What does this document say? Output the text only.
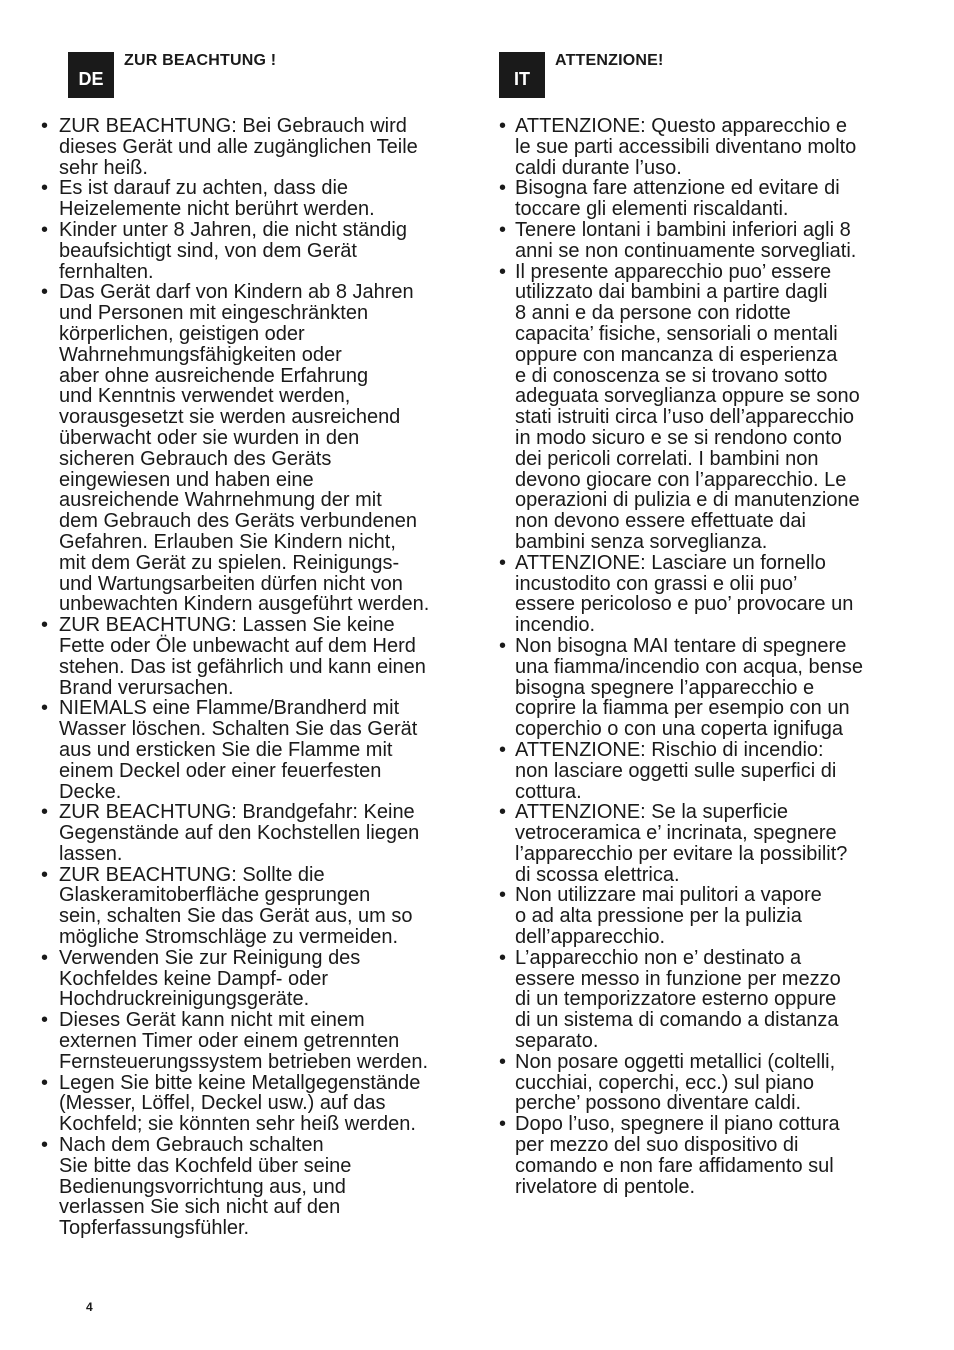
DE
ZUR BEACHTUNG !
• ZUR BEACHTUNG: Bei Gebrauch wird
dieses Gerät und alle zugänglichen Teile
sehr heiß.
• Es ist darauf zu achten, dass die
Heizelemente nicht berührt werden.
• Kinder unter 8 Jahren, die nicht ständig
beaufsichtigt sind, von dem Gerät
fernhalten.
• Das Gerät darf von Kindern ab 8 Jahren
und Personen mit eingeschränkten
körperlichen, geistigen oder
Wahrnehmungsfähigkeiten oder
aber ohne ausreichende Erfahrung
und Kenntnis verwendet werden,
vorausgesetzt sie werden ausreichend
überwacht oder sie wurden in den
sicheren Gebrauch des Geräts
eingewiesen und haben eine
ausreichende Wahrnehmung der mit
dem Gebrauch des Geräts verbundenen
Gefahren. Erlauben Sie Kindern nicht,
mit dem Gerät zu spielen. Reinigungs-
und Wartungsarbeiten dürfen nicht von
unbewachten Kindern ausgeführt werden.
• ZUR BEACHTUNG: Lassen Sie keine
Fette oder Öle unbewacht auf dem Herd
stehen. Das ist gefährlich und kann einen
Brand verursachen.
• NIEMALS eine Flamme/Brandherd mit
Wasser löschen. Schalten Sie das Gerät
aus und ersticken Sie die Flamme mit
einem Deckel oder einer feuerfesten
Decke.
• ZUR BEACHTUNG: Brandgefahr: Keine
Gegenstände auf den Kochstellen liegen
lassen.
• ZUR BEACHTUNG: Sollte die
Glaskeramitoberfläche gesprungen
sein, schalten Sie das Gerät aus, um so
mögliche Stromschläge zu vermeiden.
• Verwenden Sie zur Reinigung des
Kochfeldes keine Dampf- oder
Hochdruckreinigungsgeräte.
• Dieses Gerät kann nicht mit einem
externen Timer oder einem getrennten
Fernsteuerungssystem betrieben werden.
• Legen Sie bitte keine Metallgegenstände
(Messer, Löffel, Deckel usw.) auf das
Kochfeld; sie könnten sehr heiß werden.
• Nach dem Gebrauch schalten
Sie bitte das Kochfeld über seine
Bedienungsvorrichtung aus, und
verlassen Sie sich nicht auf den
Topferfassungsfühler.
IT
ATTENZIONE!
• ATTENZIONE: Questo apparecchio e
le sue parti accessibili diventano molto
caldi durante l’uso.
• Bisogna fare attenzione ed evitare di
toccare gli elementi riscaldanti.
• Tenere lontani i bambini inferiori agli 8
anni se non continuamente sorvegliati.
• Il presente apparecchio puo’ essere
utilizzato dai bambini a partire dagli
8 anni e da persone con ridotte
capacita’ fisiche, sensoriali o mentali
oppure con mancanza di esperienza
e di conoscenza se si trovano sotto
adeguata sorveglianza oppure se sono
stati istruiti circa l’uso dell’apparecchio
in modo sicuro e se si rendono conto
dei pericoli correlati. I bambini non
devono giocare con l’apparecchio. Le
operazioni di pulizia e di manutenzione
non devono essere effettuate dai
bambini senza sorveglianza.
• ATTENZIONE: Lasciare un fornello
incustodito con grassi e olii puo’
essere pericoloso e puo’ provocare un
incendio.
• Non bisogna MAI tentare di spegnere
una fiamma/incendio con acqua, bense
bisogna spegnere l’apparecchio e
coprire la fiamma per esempio con un
coperchio o con una coperta ignifuga
• ATTENZIONE: Rischio di incendio:
non lasciare oggetti sulle superfici di
cottura.
• ATTENZIONE: Se la superficie
vetroceramica e’ incrinata, spegnere
l’apparecchio per evitare la possibilit?
di scossa elettrica.
• Non utilizzare mai pulitori a vapore
o ad alta pressione per la pulizia
dell’apparecchio.
• L’apparecchio non e’ destinato a
essere messo in funzione per mezzo
di un temporizzatore esterno oppure
di un sistema di comando a distanza
separato.
• Non posare oggetti metallici (coltelli,
cucchiai, coperchi, ecc.) sul piano
perche’ possono diventare caldi.
• Dopo l’uso, spegnere il piano cottura
per mezzo del suo dispositivo di
comando e non fare affidamento sul
rivelatore di pentole.
4
